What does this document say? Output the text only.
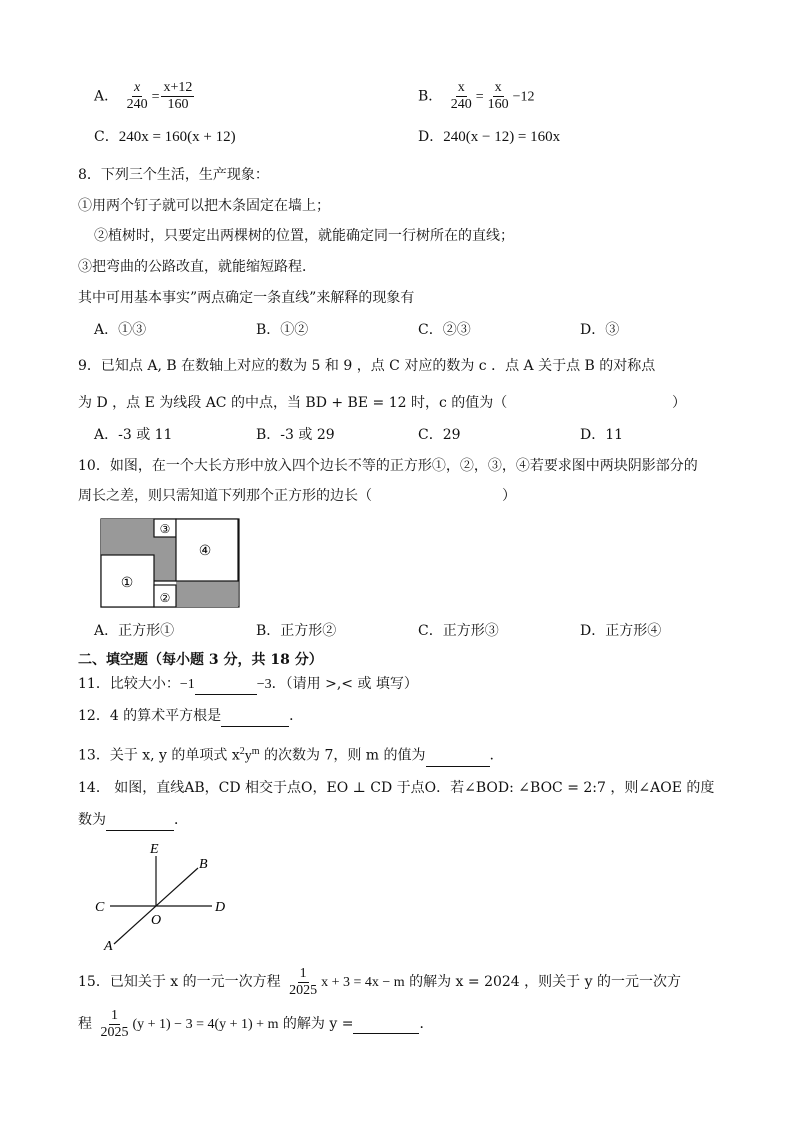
A． $\frac{x}{240} = \frac{x+12}{160}$	B． $\frac{x}{240} = \frac{x}{160} -12$
C．240x = 160(x + 12)	D．240(x − 12) = 160x
8．下列三个生活，生产现象：
①用两个钉子就可以把木条固定在墙上；
②植树时，只要定出两棵树的位置，就能确定同一行树所在的直线；
③把弯曲的公路改直，就能缩短路程．
其中可用基本事实”两点确定一条直线”来解释的现象有
A．①③	B．①②	C．②③	D．③
9．已知点 A, B 在数轴上对应的数为 5 和 9 ，点 C 对应的数为 c ．点 A 关于点 B 的对称点
为 D ，点 E 为线段 AC 的中点，当 BD + BE = 12 时，c 的值为（	）
A．-3 或 11	B．-3 或 29	C．29	D．11
10．如图，在一个大长方形中放入四个边长不等的正方形①，②，③，④若要求图中两块阴影部分的
周长之差，则只需知道下列那个正方形的边长（	）
①
②
③
④
A．正方形①	B．正方形②	C．正方形③	D．正方形④
二、填空题（每小题 3 分，共 18 分）
11．比较大小：−1	−3．（请用 >,< 或 填写）
12．4 的算术平方根是	．
13．关于 x, y 的单项式 $x^2y^m$ 的次数为 7，则 m 的值为	.
14． 如图，直线AB，CD 相交于点O，EO ⊥ CD 于点O．若∠BOD: ∠BOC = 2:7 ，则∠AOE 的度
数为	．
E
B
C
O
D
A
15．已知关于 x 的一元一次方程 $\frac{1}{2025}$ x + 3 = 4x − m 的解为 x = 2024 ，则关于 y 的一元一次方
程 $\frac{1}{2025} (y + 1) - 3 = 4(y + 1) + m$ 的解为 y =	．
